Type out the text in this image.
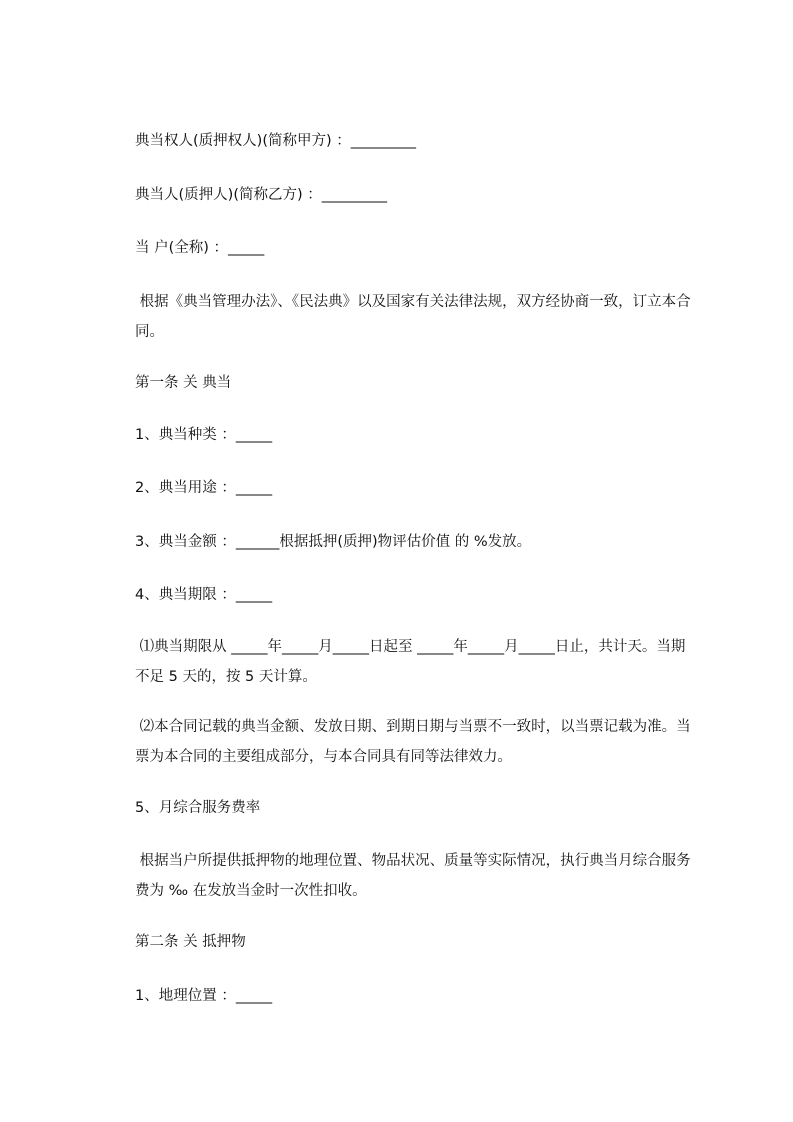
典当权人(质押权人)(简称甲方) ：_________
典当人(质押人)(简称乙方) ：_________
当 户(全称) ：_____
根据《典当管理办法》、《民法典》以及国家有关法律法规，双方经协商一致，订立本合同。
第一条 关 典当
1、典当种类 ：_____
2、典当用途 ：_____
3、典当金额 ：______根据抵押(质押)物评估价值 的 %发放。
4、典当期限 ：_____
⑴典当期限从 _____年_____月_____日起至 _____年_____月_____日止，共计天。当期不足 5 天的，按 5 天计算。
⑵本合同记载的典当金额、发放日期、到期日期与当票不一致时，以当票记载为准。当票为本合同的主要组成部分，与本合同具有同等法律效力。
5、月综合服务费率
根据当户所提供抵押物的地理位置、物品状况、质量等实际情况，执行典当月综合服务费为 ‰ 在发放当金时一次性扣收。
第二条 关 抵押物
1、地理位置 ：_____
